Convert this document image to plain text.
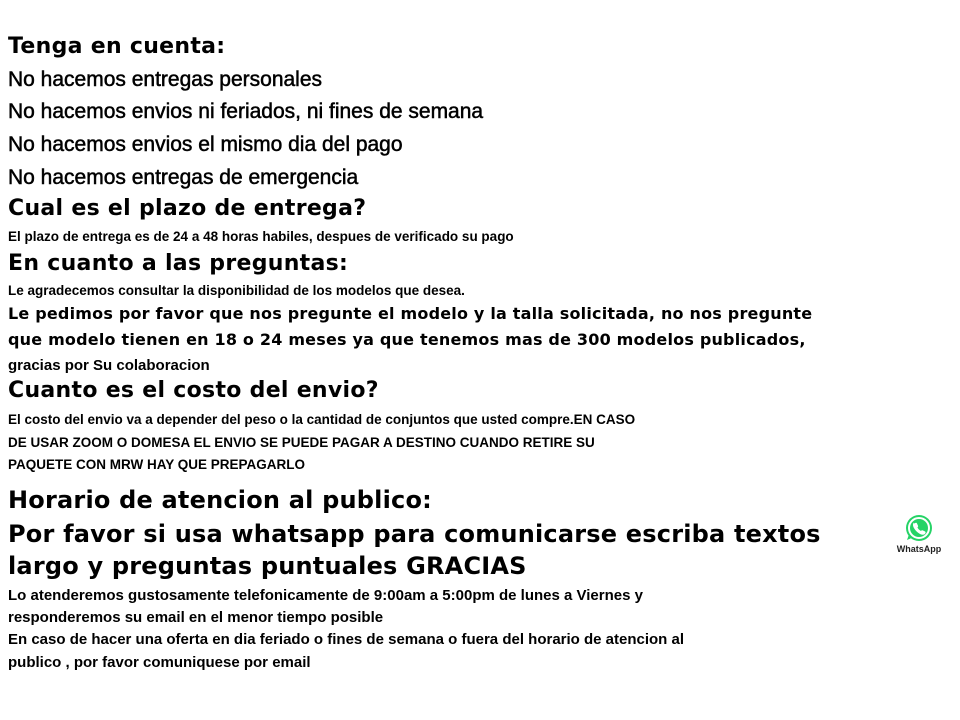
Tenga en cuenta:
No hacemos entregas personales
No hacemos envios ni feriados, ni fines de semana
No hacemos envios el mismo dia del pago
No hacemos entregas de emergencia
Cual es el plazo de entrega?
El plazo de entrega es de 24 a 48 horas habiles, despues de verificado su pago
En cuanto a las preguntas:
Le agradecemos consultar la disponibilidad de los modelos que desea.
Le pedimos por favor que nos pregunte el modelo y la talla solicitada, no nos pregunte
que modelo tienen en 18 o 24 meses ya que tenemos mas de 300 modelos publicados,
gracias por Su colaboracion
Cuanto es el costo del envio?
El costo del envio va a depender del peso o la cantidad de conjuntos que usted compre.EN CASO
DE USAR ZOOM O DOMESA EL ENVIO SE PUEDE PAGAR A DESTINO CUANDO RETIRE SU
PAQUETE CON MRW HAY QUE PREPAGARLO
Horario de atencion al publico:
Por favor si usa whatsapp para comunicarse escriba textos
largo y preguntas puntuales GRACIAS
Lo atenderemos gustosamente telefonicamente de 9:00am a 5:00pm de lunes a Viernes y
responderemos su email en el menor tiempo posible
En caso de hacer una oferta en dia feriado o fines de semana o fuera del horario de atencion al
publico , por favor comuniquese por email
WhatsApp
